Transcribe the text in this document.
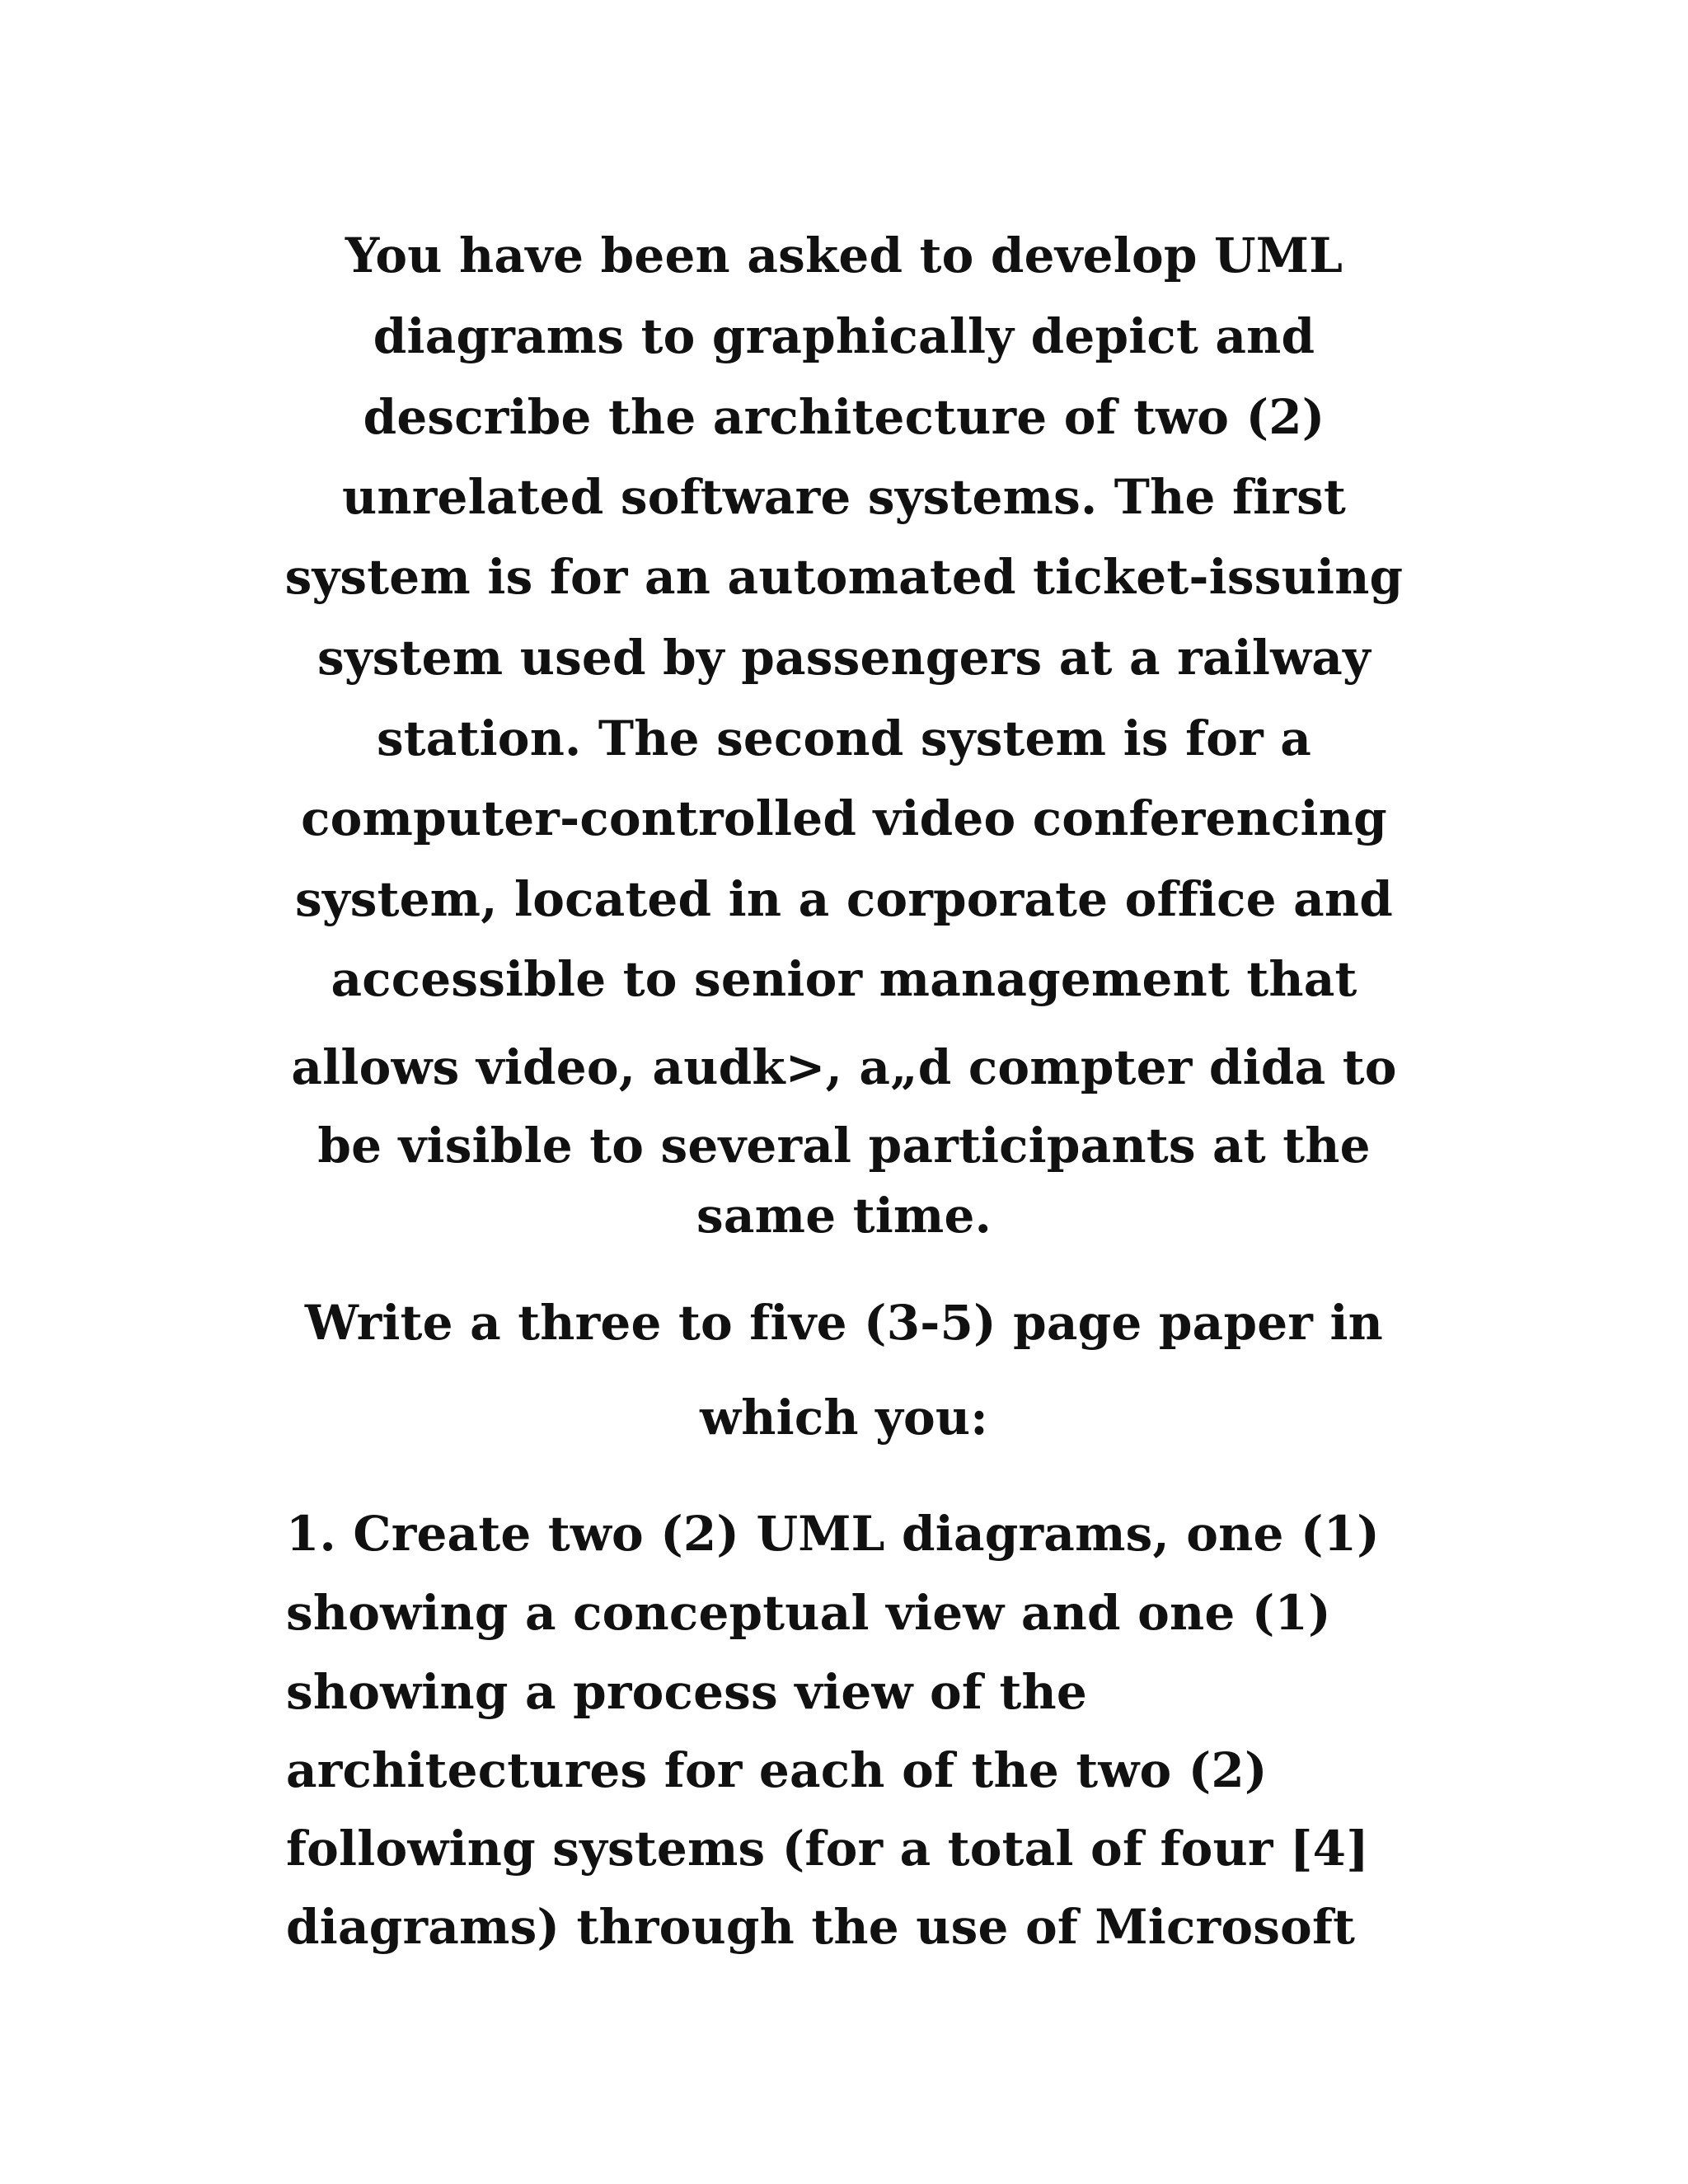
You have been asked to develop UML
diagrams to graphically depict and
describe the architecture of two (2)
unrelated software systems. The first
system is for an automated ticket-issuing
system used by passengers at a railway
station. The second system is for a
computer-controlled video conferencing
system, located in a corporate office and
accessible to senior management that
allows video, audk>, a„d compter dida to
be visible to several participants at the
same time.
Write a three to five (3-5) page paper in
which you:
1. Create two (2) UML diagrams, one (1)
showing a conceptual view and one (1)
showing a process view of the
architectures for each of the two (2)
following systems (for a total of four [4]
diagrams) through the use of Microsoft
